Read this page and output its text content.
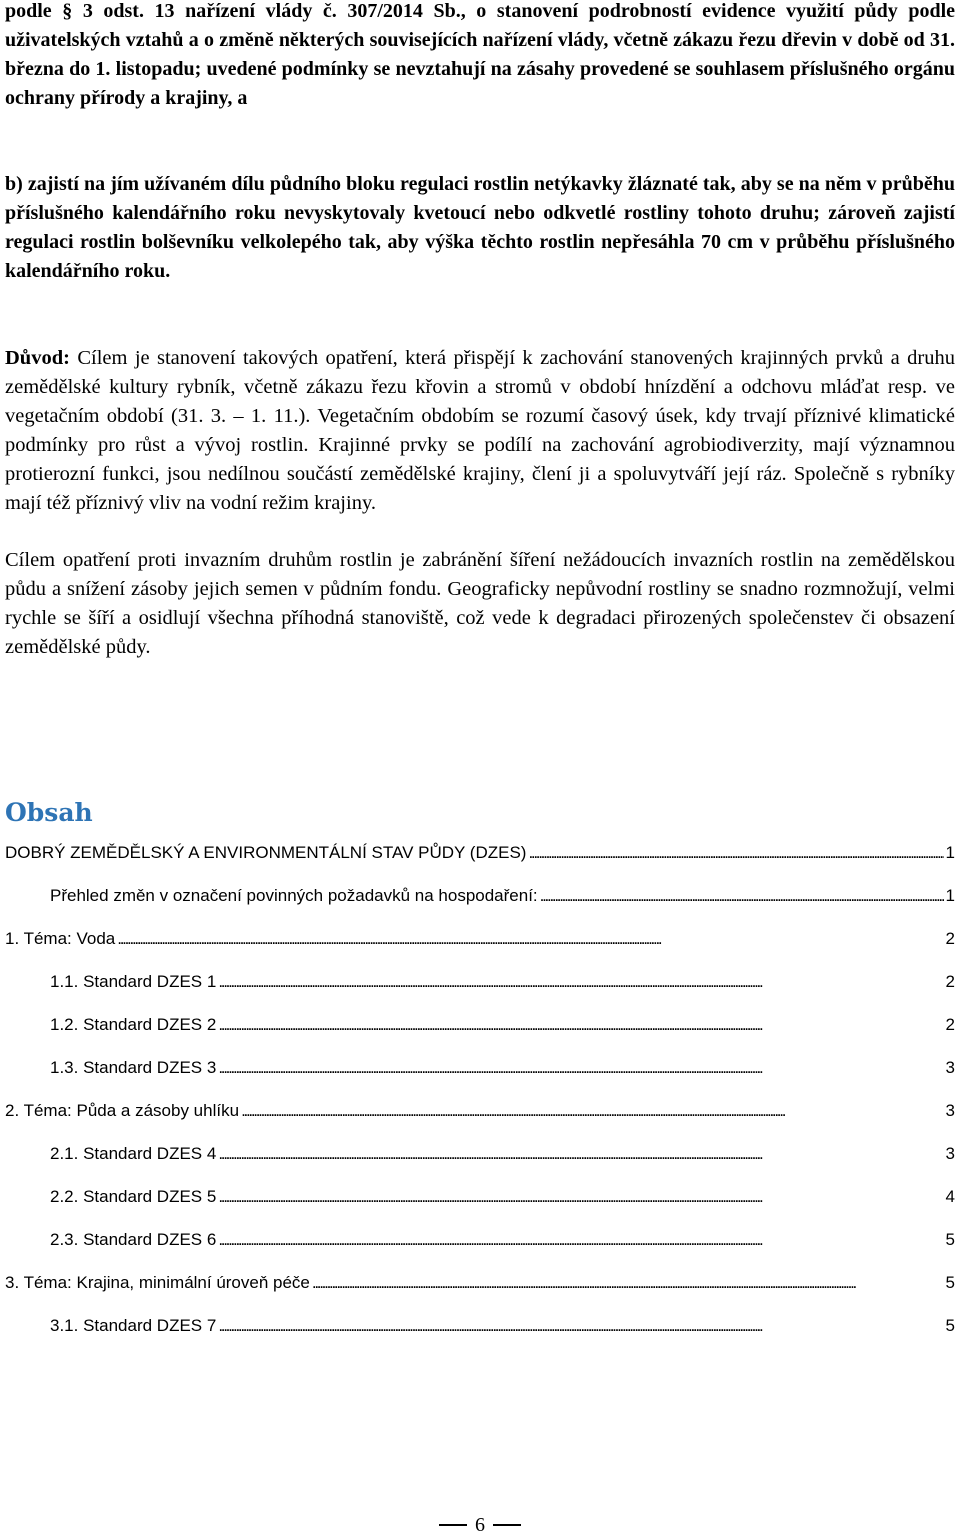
podle § 3 odst. 13 nařízení vlády č. 307/2014 Sb., o stanovení podrobností evidence využití půdy podle uživatelských vztahů a o změně některých souvisejících nařízení vlády, včetně zákazu řezu dřevin v době od 31. března do 1. listopadu; uvedené podmínky se nevztahují na zásahy provedené se souhlasem příslušného orgánu ochrany přírody a krajiny, a

b) zajistí na jím užívaném dílu půdního bloku regulaci rostlin netýkavky žláznaté tak, aby se na něm v průběhu příslušného kalendářního roku nevyskytovaly kvetoucí nebo odkvetlé rostliny tohoto druhu; zároveň zajistí regulaci rostlin bolševníku velkolepého tak, aby výška těchto rostlin nepřesáhla 70 cm v průběhu příslušného kalendářního roku.

Důvod: Cílem je stanovení takových opatření, která přispějí k zachování stanovených krajinných prvků a druhu zemědělské kultury rybník, včetně zákazu řezu křovin a stromů v období hnízdění a odchovu mláďat resp. ve vegetačním období (31. 3. – 1. 11.). Vegetačním obdobím se rozumí časový úsek, kdy trvají příznivé klimatické podmínky pro růst a vývoj rostlin. Krajinné prvky se podílí na zachování agrobiodiverzity, mají významnou protierozní funkci, jsou nedílnou součástí zemědělské krajiny, člení ji a spoluvytváří její ráz. Společně s rybníky mají též příznivý vliv na vodní režim krajiny.

Cílem opatření proti invazním druhům rostlin je zabránění šíření nežádoucích invazních rostlin na zemědělskou půdu a snížení zásoby jejich semen v půdním fondu. Geograficky nepůvodní rostliny se snadno rozmnožují, velmi rychle se šíří a osidlují všechna příhodná stanoviště, což vede k degradaci přirozených společenstev či obsazení zemědělské půdy.

Obsah
DOBRÝ ZEMĚDĚLSKÝ A ENVIRONMENTÁLNÍ STAV PŮDY (DZES) . . .	1
Přehled změn v označení povinných požadavků na hospodaření: . . .	1
1. Téma: Voda . . .	2
1.1. Standard DZES 1 . . .	2
1.2. Standard DZES 2 . . .	2
1.3. Standard DZES 3 . . .	3
2. Téma: Půda a zásoby uhlíku . . .	3
2.1. Standard DZES 4 . . .	3
2.2. Standard DZES 5 . . .	4
2.3. Standard DZES 6 . . .	5
3. Téma: Krajina, minimální úroveň péče . . .	5
3.1. Standard DZES 7 . . .	5
6
